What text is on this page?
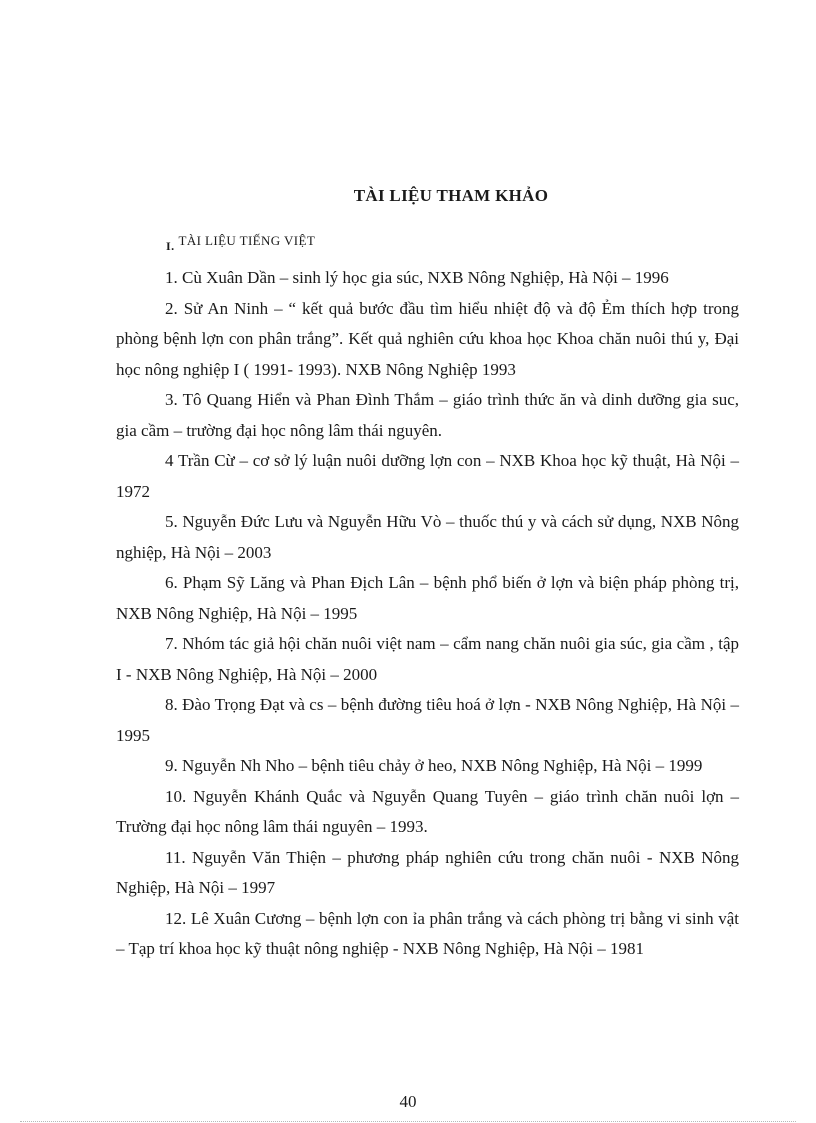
TÀI LIỆU THAM KHẢO
I. TÀI LIỆU TIẾNG VIỆT

1. Cù Xuân Dần – sinh lý học gia súc, NXB Nông Nghiệp, Hà Nội – 1996

2. Sử An Ninh – “ kết quả bước đầu tìm hiểu nhiệt độ và độ Ẻm thích hợp trong phòng bệnh lợn con phân trắng”. Kết quả nghiên cứu khoa học Khoa chăn nuôi thú y, Đại học nông nghiệp I ( 1991- 1993). NXB Nông Nghiệp 1993

3. Tô Quang Hiển và Phan Đình Thắm – giáo trình thức ăn và dinh dưỡng gia suc, gia cầm – trường đại học nông lâm thái nguyên.

4 Trần Cừ – cơ sở lý luận nuôi dưỡng lợn con – NXB Khoa học kỹ thuật, Hà Nội – 1972

5. Nguyễn Đức Lưu và Nguyễn Hữu Vò – thuốc thú y và cách sử dụng, NXB Nông nghiệp, Hà Nội – 2003

6. Phạm Sỹ Lăng và Phan Địch Lân – bệnh phổ biến ở lợn và biện pháp phòng trị, NXB Nông Nghiệp, Hà Nội – 1995

7. Nhóm tác giả hội chăn nuôi việt nam – cẩm nang chăn nuôi gia súc, gia cầm , tập I - NXB Nông Nghiệp, Hà Nội – 2000

8. Đào Trọng Đạt và cs – bệnh đường tiêu hoá ở lợn - NXB Nông Nghiệp, Hà Nội – 1995

9. Nguyễn Nh Nho – bệnh tiêu chảy ở heo, NXB Nông Nghiệp, Hà Nội – 1999

10. Nguyễn Khánh Quắc và Nguyễn Quang Tuyên – giáo trình chăn nuôi lợn – Trường đại học nông lâm thái nguyên – 1993.

11. Nguyễn Văn Thiện – phương pháp nghiên cứu trong chăn nuôi - NXB Nông Nghiệp, Hà Nội – 1997

12. Lê Xuân Cương – bệnh lợn con ỉa phân trắng và cách phòng trị bằng vi sinh vật – Tạp trí khoa học kỹ thuật nông nghiệp - NXB Nông Nghiệp, Hà Nội – 1981

40
